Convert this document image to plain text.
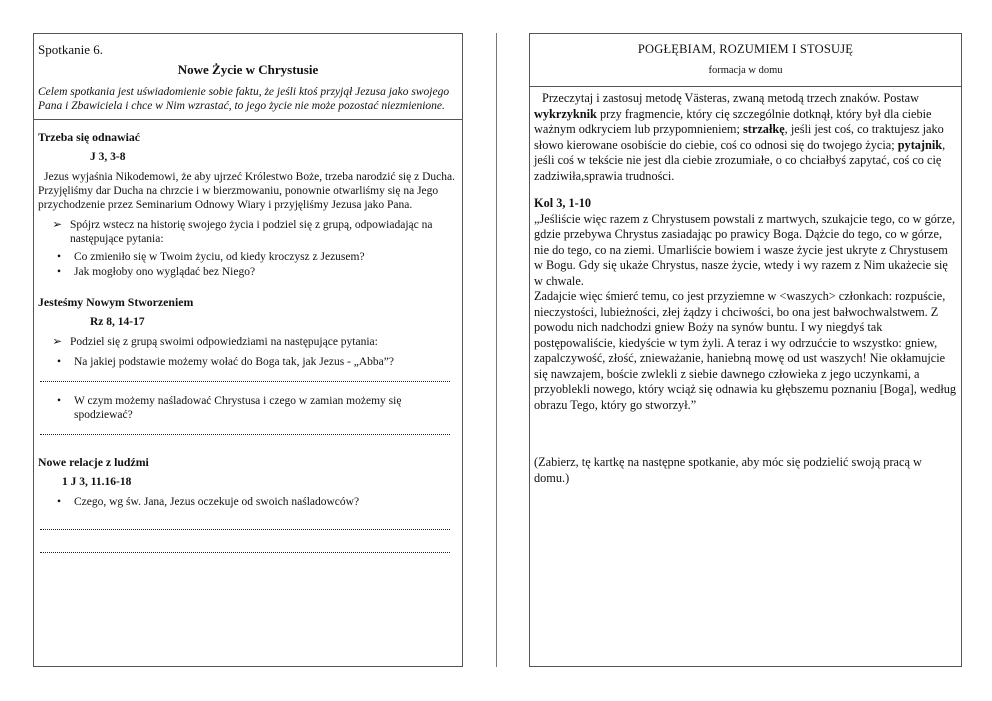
Spotkanie 6.

Nowe Życie w Chrystusie

Celem spotkania jest uświadomienie sobie faktu, że jeśli ktoś przyjął Jezusa jako swojego Pana i Zbawiciela i chce w Nim wzrastać, to jego życie nie może pozostać niezmienione.

Trzeba się odnawiać
J 3, 3-8

Jezus wyjaśnia Nikodemowi, że aby ujrzeć Królestwo Boże, trzeba narodzić się z Ducha. Przyjęliśmy dar Ducha na chrzcie i w bierzmowaniu, ponownie otwarliśmy się na Jego przychodzenie przez Seminarium Odnowy Wiary i przyjęliśmy Jezusa jako Pana.

➢ Spójrz wstecz na historię swojego życia i podziel się z grupą, odpowiadając na następujące pytania:
•	Co zmieniło się w Twoim życiu, od kiedy kroczysz z Jezusem?
•	Jak mogłoby ono wyglądać bez Niego?
Jesteśmy Nowym Stworzeniem
Rz 8, 14-17
➢ Podziel się z grupą swoimi odpowiedziami na następujące pytania:
•	Na jakiej podstawie możemy wołać do Boga tak, jak Jezus - „Abba”?
•	W czym możemy naśladować Chrystusa i czego w zamian możemy się spodziewać?
Nowe relacje z ludźmi
1 J 3, 11.16-18
•	Czego, wg św. Jana, Jezus oczekuje od swoich naśladowców?

POGŁĘBIAM, ROZUMIEM I STOSUJĘ

formacja w domu

Przeczytaj i zastosuj metodę Västeras, zwaną metodą trzech znaków. Postaw wykrzyknik przy fragmencie, który cię szczególnie dotknął, który był dla ciebie ważnym odkryciem lub przypomnieniem; strzałkę, jeśli jest coś, co traktujesz jako słowo kierowane osobiście do ciebie, coś co odnosi się do twojego życia; pytajnik, jeśli coś w tekście nie jest dla ciebie zrozumiałe, o co chciałbyś zapytać, coś co cię zadziwiła,sprawia trudności.

Kol 3, 1-10

„Jeśliście więc razem z Chrystusem powstali z martwych, szukajcie tego, co w górze, gdzie przebywa Chrystus zasiadając po prawicy Boga. Dążcie do tego, co w górze, nie do tego, co na ziemi. Umarliście bowiem i wasze życie jest ukryte z Chrystusem w Bogu. Gdy się ukaże Chrystus, nasze życie, wtedy i wy razem z Nim ukażecie się w chwale.

Zadajcie więc śmierć temu, co jest przyziemne w <waszych> członkach: rozpuście, nieczystości, lubieżności, złej żądzy i chciwości, bo ona jest bałwochwalstwem. Z powodu nich nadchodzi gniew Boży na synów buntu. I wy niegdyś tak postępowaliście, kiedyście w tym żyli. A teraz i wy odrzućcie to wszystko: gniew, zapalczywość, złość, znieważanie, haniebną mowę od ust waszych! Nie okłamujcie się nawzajem, boście zwlekli z siebie dawnego człowieka z jego uczynkami, a przyoblekli nowego, który wciąż się odnawia ku głębszemu poznaniu [Boga], według obrazu Tego, który go stworzył.”

(Zabierz, tę kartkę na następne spotkanie, aby móc się podzielić swoją pracą w domu.)
